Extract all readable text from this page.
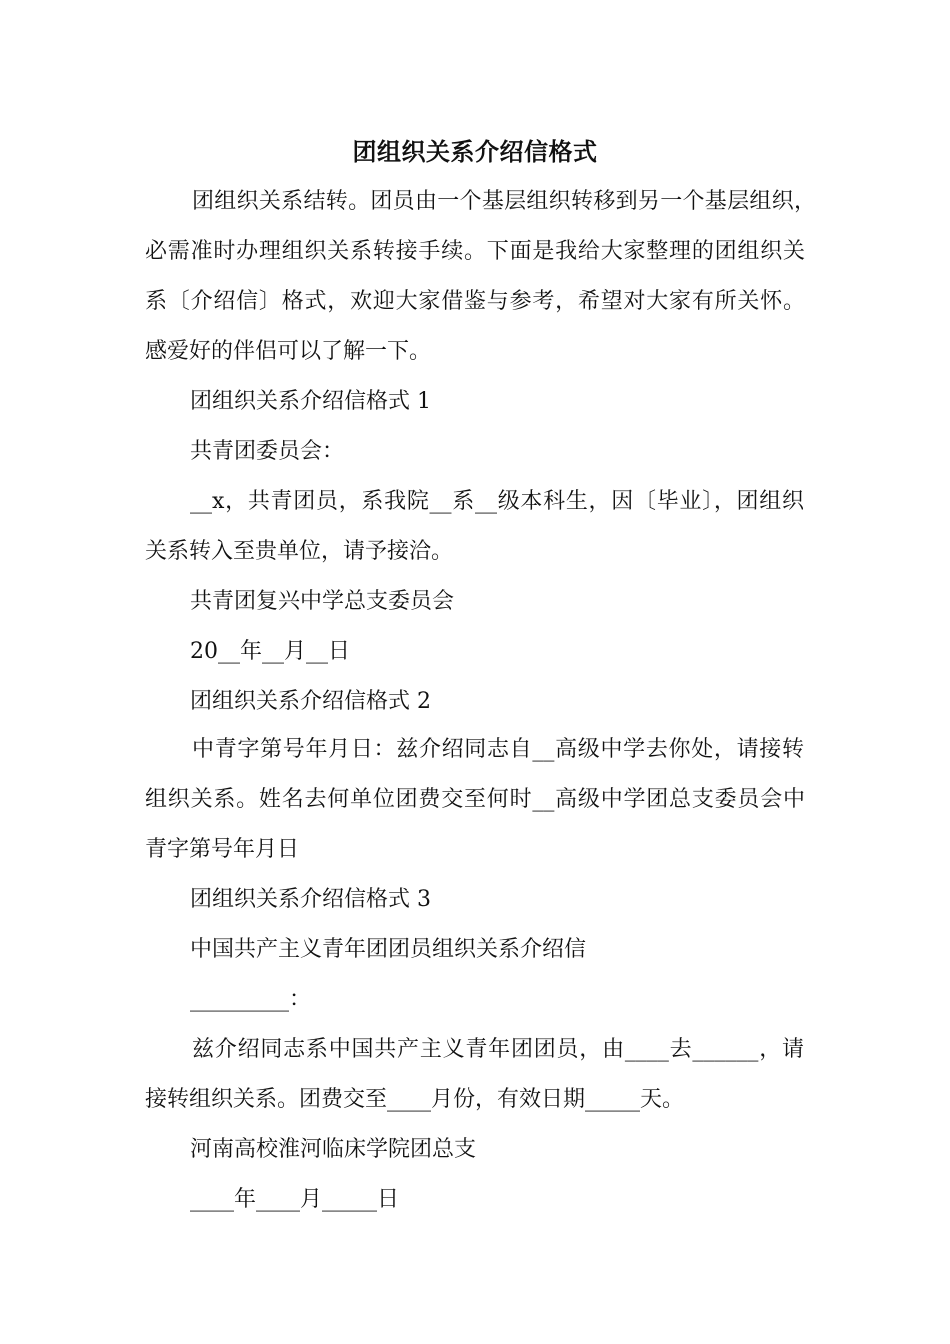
团组织关系介绍信格式
团组织关系结转。团员由一个基层组织转移到另一个基层组织，
必需准时办理组织关系转接手续。下面是我给大家整理的团组织关
系〔介绍信〕格式，欢迎大家借鉴与参考，希望对大家有所关怀。
感爱好的伴侣可以了解一下。
团组织关系介绍信格式 1
共青团委员会：
__x，共青团员，系我院__系__级本科生，因〔毕业〕，团组织
关系转入至贵单位，请予接洽。
共青团复兴中学总支委员会
20__年__月__日
团组织关系介绍信格式 2
中青字第号年月日：兹介绍同志自__高级中学去你处，请接转
组织关系。姓名去何单位团费交至何时__高级中学团总支委员会中
青字第号年月日
团组织关系介绍信格式 3
中国共产主义青年团团员组织关系介绍信
_________：
兹介绍同志系中国共产主义青年团团员，由____去______，请
接转组织关系。团费交至____月份，有效日期_____天。
河南高校淮河临床学院团总支
____年____月_____日
